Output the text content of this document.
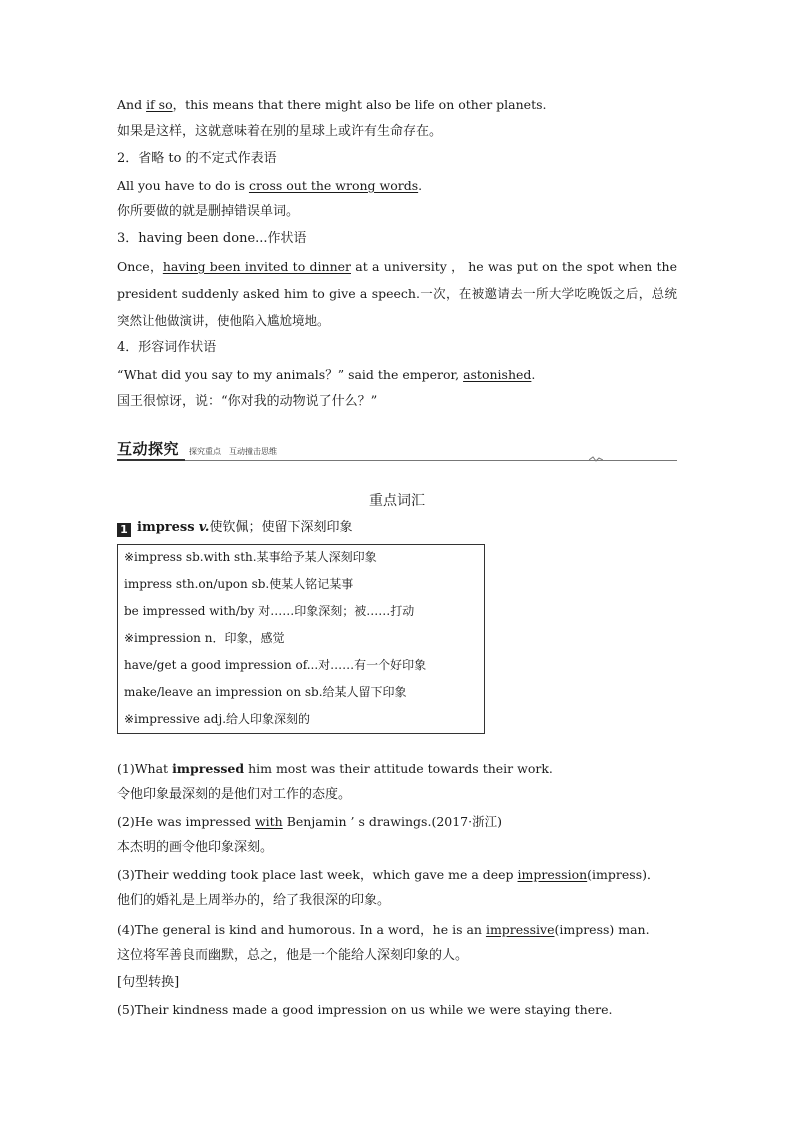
And if so，this means that there might also be life on other planets.
如果是这样，这就意味着在别的星球上或许有生命存在。
2．省略 to 的不定式作表语
All you have to do is cross out the wrong words.
你所要做的就是删掉错误单词。
3．having been done...作状语
Once，having been invited to dinner at a university ， he was put on the spot when the president suddenly asked him to give a speech.一次，在被邀请去一所大学吃晚饭之后，总统突然让他做演讲，使他陷入尴尬境地。
4．形容词作状语
“What did you say to my animals？” said the emperor, astonished.
国王很惊讶，说：“你对我的动物说了什么？”
互动探究 探究重点　互动撞击思维
重点词汇
1 impress v.使钦佩；使留下深刻印象
※impress sb.with sth.某事给予某人深刻印象
impress sth.on/upon sb.使某人铭记某事
be impressed with/by 对……印象深刻；被……打动
※impression n．印象，感觉
have/get a good impression of...对……有一个好印象
make/leave an impression on sb.给某人留下印象
※impressive adj.给人印象深刻的
(1)What impressed him most was their attitude towards their work.
令他印象最深刻的是他们对工作的态度。
(2)He was impressed with Benjamin ’ s drawings.(2017·浙江)
本杰明的画令他印象深刻。
(3)Their wedding took place last week，which gave me a deep impression(impress)．
他们的婚礼是上周举办的，给了我很深的印象。
(4)The general is kind and humorous. In a word，he is an impressive(impress) man.
这位将军善良而幽默，总之，他是一个能给人深刻印象的人。
[句型转换]
(5)Their kindness made a good impression on us while we were staying there.
